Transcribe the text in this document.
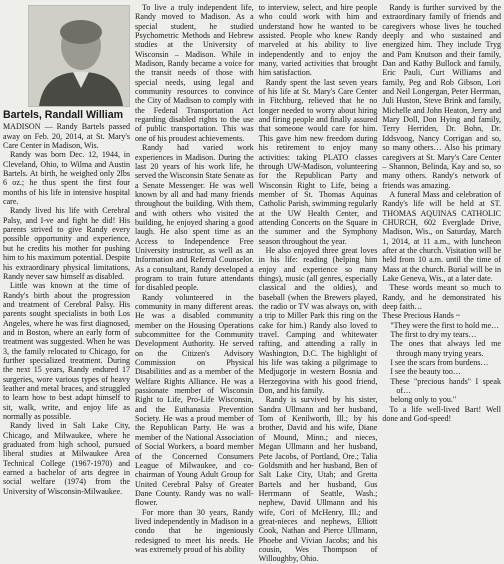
Bartels, Randall William

MADISON — Randy Bartels passed away on Feb. 20, 2014, at St. Mary's Care Center in Madison, Wis.

Randy was born Dec. 12, 1944, in Cleveland, Ohio, to Wilma and Austin Bartels. At birth, he weighed only 2lbs 6 oz.; he thus spent the first four months of his life in intensive hospital care.

Randy lived his life with Cerebral Palsy, and I-ve and fight he did! His parents strived to give Randy every possible opportunity and experience, but he credits his mother for pushing him to his maximum potential. Despite his extraordinary physical limitations, Randy never saw himself as disabled.

Little was known at the time of Randy's birth about the progression and treatment of Cerebral Palsy. His parents sought specialists in both Los Angeles, where he was first diagnosed, and in Boston, where an early form of treatment was suggested. When he was 3, the family relocated to Chicago, for further specialized treatment. During the next 15 years, Randy endured 17 surgeries, wore various types of heavy leather and metal braces, and struggled to learn how to best adapt himself to sit, walk, write, and enjoy life as normally as possible.

Randy lived in Salt Lake City, Chicago, and Milwaukee, where he graduated from high school, pursued liberal studies at Milwaukee Area Technical College (1967-1970) and earned a bachelor of arts degree in social welfare (1974) from the University of Wisconsin-Milwaukee.

To live a truly independent life, Randy moved to Madison. As a special student, he studied Psychometric Methods and Hebrew studies at the University of Wisconsin – Madison. While in Madison, Randy became a voice for the transit needs of those with special needs, using legal and community resources to convince the City of Madison to comply with the Federal Transportation Act regarding disabled rights to the use of public transportation. This was one of his proudest achievements.

Randy had varied work experiences in Madison. During the last 20 years of his work life, he served the Wisconsin State Senate as a Senate Messenger. He was well known by all and had many friends throughout the building. With them, and with others who visited the building, he enjoyed sharing a good laugh. He also spent time as an Access to Independence Free University instructor, as well as an Information and Referral Counselor. As a consultant, Randy developed a program to train future attendants for disabled people.

Randy volunteered in the community in many different areas. He was a disabled community member on the Housing Operations subcommittee for the Community Development Authority. He served on the Citizen's Advisory Commission on Physical Disabilities and as a member of the Welfare Rights Alliance. He was a passionate member of Wisconsin Right to Life, Pro-Life Wisconsin, and the Euthanasia Prevention Society. He was a proud member of the Republican Party. He was a member of the National Association of Social Workers, a board member of the Concerned Consumers League of Milwaukee, and co-chairman of Young Adult Group for United Cerebral Palsy of Greater Dane County. Randy was no wall-flower.

For more than 30 years, Randy lived independently in Madison in a condo that he ingeniously redesigned to meet his needs. He was extremely proud of his ability

to interview, select, and hire people who could work with him and understand how he wanted to be assisted. People who knew Randy marveled at his ability to live independently and to enjoy the many, varied activities that brought him satisfaction.

Randy spent the last seven years of his life at St. Mary's Care Center in Fitchburg, relieved that he no longer needed to worry about hiring and firing people and finally assured that someone would care for him. This gave him new freedom during his retirement to enjoy many activities: taking PLATO classes through UW-Madison, volunteering for the Republican Party and Wisconsin Right to Life, being a member of St. Thomas Aquinas Catholic Parish, swimming regularly at the UW Health Center, and attending Concerts on the Square in the summer and the Symphony season throughout the year.

He also enjoyed three great loves in his life: reading (helping him enjoy and experience so many things), music (all genres, especially classical and the oldies), and baseball (when the Brewers played, the radio or TV was always on, with a trip to Miller Park this ring on the cake for him.) Randy also loved to travel. Camping and whitewater rafting, and attending a rally in Washington, D.C. The highlight of his life was taking a pilgrimage to Medjugorje in western Bosnia and Herzegovina with his good friend, Don, and his family.

Randy is survived by his sister, Sandra Ullmann and her husband, Tom of Kenilworth, Ill.; by his brother, David and his wife, Diane of Mound, Minn.; and nieces, Megan Ullmann and her husband, Pete Jacobs, of Portland, Ore.; Talia Goldsmith and her husband, Ben of Salt Lake City, Utah; and Gretta Bartels and her husband, Gus Herrmann of Seattle, Wash.; nephew, David Ullmann and his wife, Cori of McHenry, Ill.; and great-nieces and nephews, Elliott Cook, Nathan and Pierce Ullmann, Phoebe and Vivian Jacobs; and his cousin, Wes Thompson of Willoughby, Ohio.

Randy is further survived by the extraordinary family of friends and caregivers whose lives he touched deeply and who sustained and energized him. They include Tryg and Pam Knutson and their family, Dan and Kathy Bullock and family, Eric Pauli, Curt Williams and family, Peg and Rob Gibson, Lori and Neil Longergan, Peter Herrman, Juli Huston, Steve Brink and family, Michelle and John Heaton, Jerry and Mary Doll, Don Hying and family, Terry Herriden, Dr. Bohn, Dr. Iddsvoog, Nancy Corrigan and so, so many others… Also his primary caregivers at St. Mary's Care Center – Shannon, Belinda, Kay and so, so many others. Randy's network of friends was amazing.

A funeral Mass and celebration of Randy's life will be held at ST. THOMAS AQUINAS CATHOLIC CHURCH, 602 Everglade Drive, Madison, Wis., on Saturday, March 1, 2014, at 11 a.m., with luncheon after at the church. Visitation will be held from 10 a.m. until the time of Mass at the church. Burial will be in Lake Geneva, Wis., at a later date.

These words meant so much to Randy, and he demonstrated his deep faith…

These Precious Hands ~

"They were the first to hold me…
The first to dry my tears…
The ones that always led me through many trying years.
I see the scars from burdens…
I see the beauty too…
These "precious hands" I speak of…
belong only to you."

To a life well-lived Bart! Well done and God-speed!
